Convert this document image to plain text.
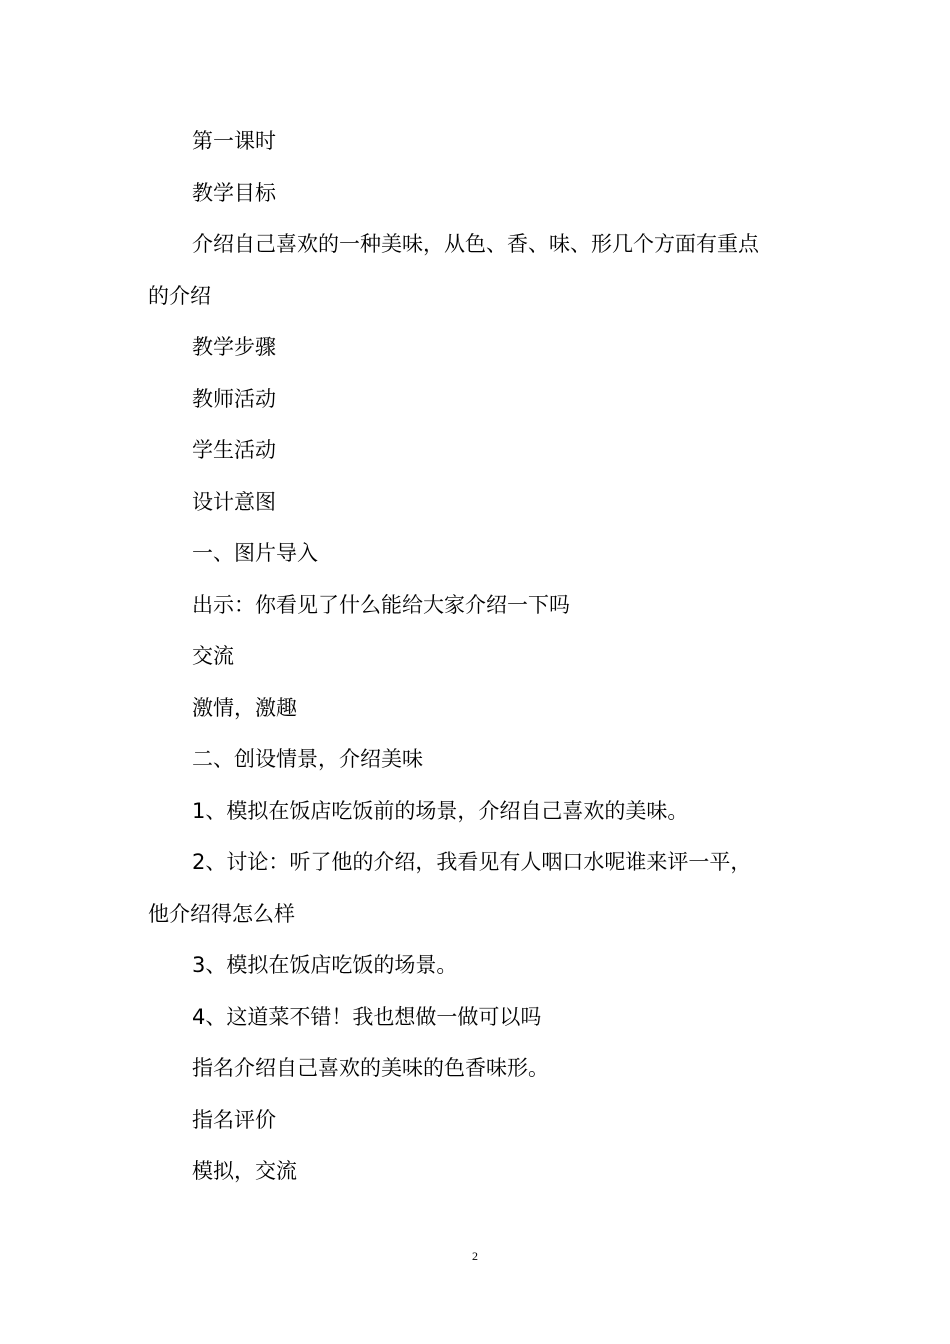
第一课时

教学目标

介绍自己喜欢的一种美味，从色、香、味、形几个方面有重点

的介绍

教学步骤

教师活动

学生活动

设计意图

一、图片导入

出示：你看见了什么能给大家介绍一下吗

交流

激情，激趣

二、创设情景，介绍美味

1、模拟在饭店吃饭前的场景，介绍自己喜欢的美味。

2、讨论：听了他的介绍，我看见有人咽口水呢谁来评一平，

他介绍得怎么样

3、模拟在饭店吃饭的场景。

4、这道菜不错！我也想做一做可以吗

指名介绍自己喜欢的美味的色香味形。

指名评价

模拟，交流

2
